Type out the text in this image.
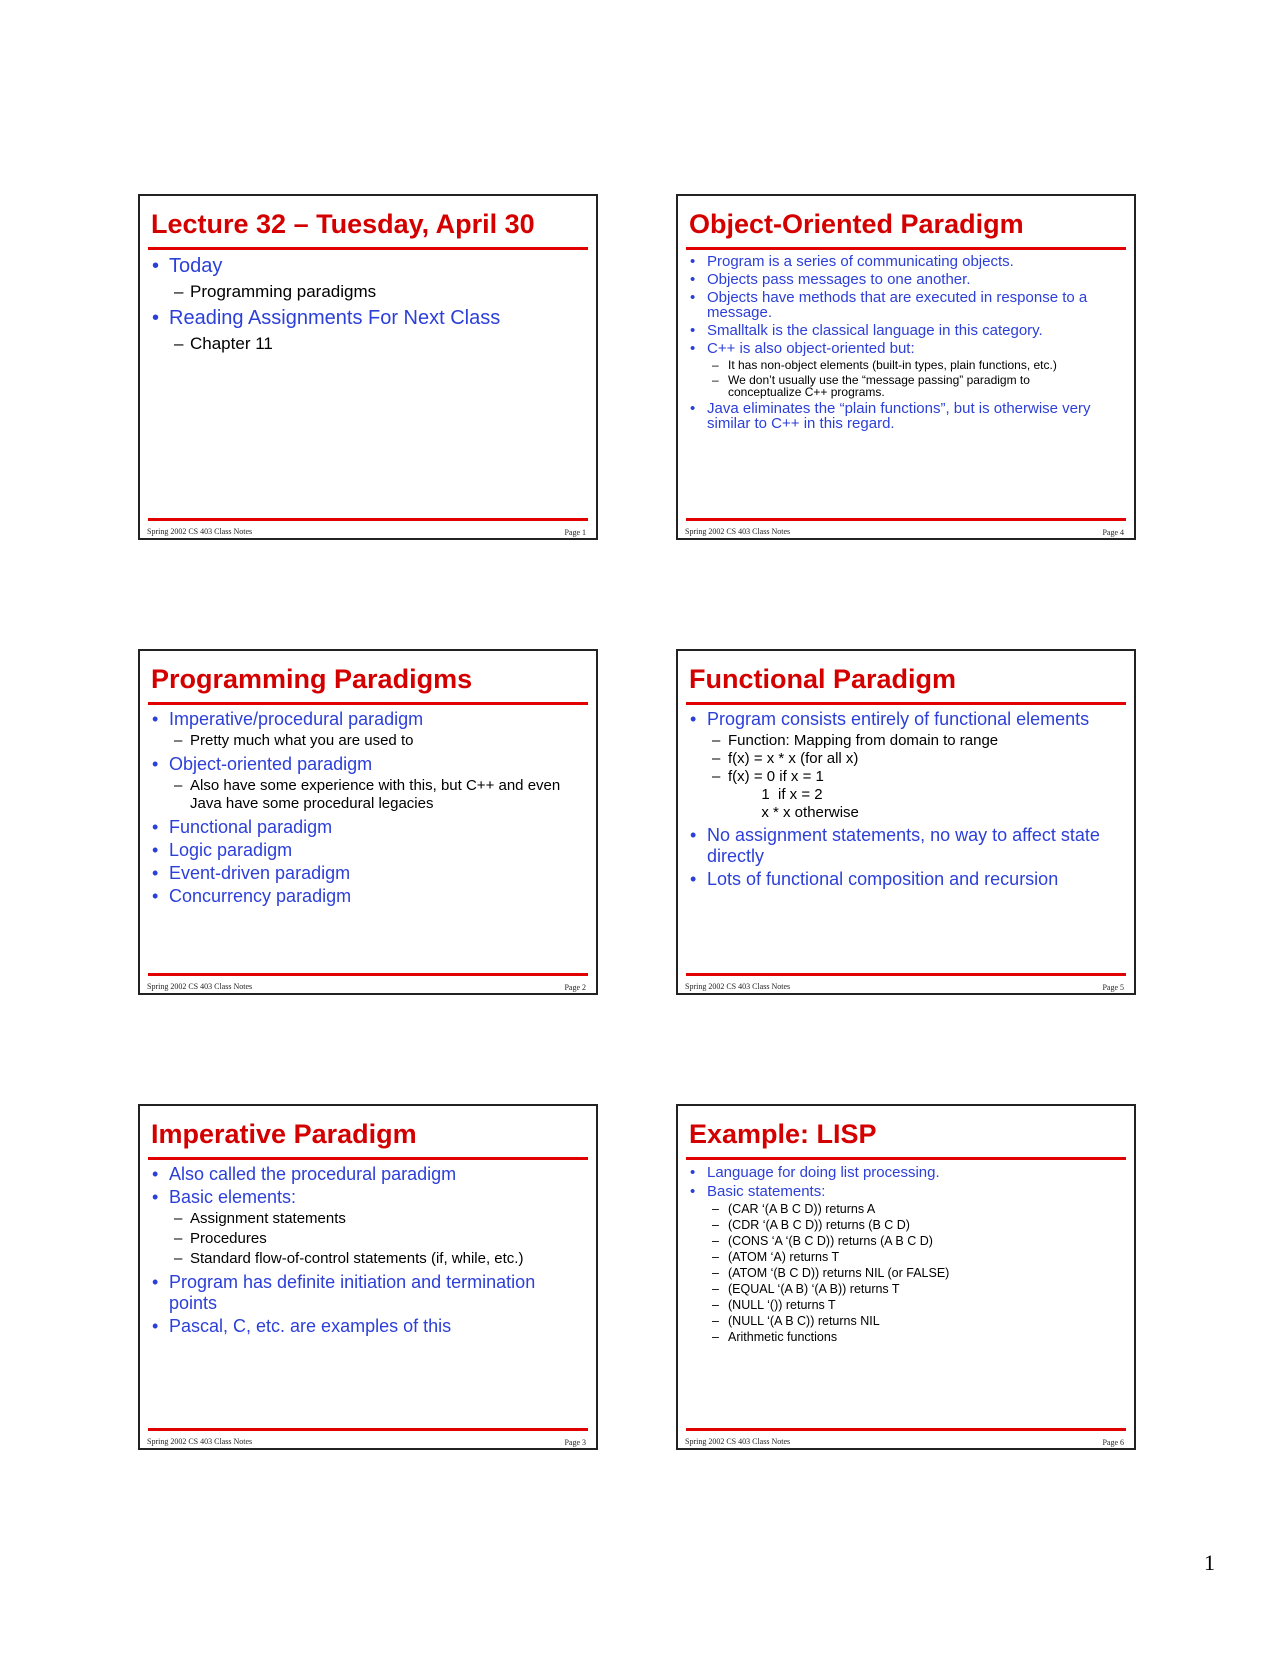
Lecture 32 – Tuesday, April 30
• Today
– Programming paradigms
• Reading Assignments For Next Class
– Chapter 11
Spring 2002 CS 403 Class Notes	Page 1
Object-Oriented Paradigm
• Program is a series of communicating objects.
• Objects pass messages to one another.
• Objects have methods that are executed in response to a message.
• Smalltalk is the classical language in this category.
• C++ is also object-oriented but:
– It has non-object elements (built-in types, plain functions, etc.)
– We don’t usually use the “message passing” paradigm to conceptualize C++ programs.
• Java eliminates the “plain functions”, but is otherwise very similar to C++ in this regard.
Spring 2002 CS 403 Class Notes	Page 4
Programming Paradigms
• Imperative/procedural paradigm
– Pretty much what you are used to
• Object-oriented paradigm
– Also have some experience with this, but C++ and even Java have some procedural legacies
• Functional paradigm
• Logic paradigm
• Event-driven paradigm
• Concurrency paradigm
Spring 2002 CS 403 Class Notes	Page 2
Functional Paradigm
• Program consists entirely of functional elements
– Function: Mapping from domain to range
– f(x) = x * x (for all x)
– f(x) = 0 if x = 1
1  if x = 2
x * x otherwise
• No assignment statements, no way to affect state directly
• Lots of functional composition and recursion
Spring 2002 CS 403 Class Notes	Page 5
Imperative Paradigm
• Also called the procedural paradigm
• Basic elements:
– Assignment statements
– Procedures
– Standard flow-of-control statements (if, while, etc.)
• Program has definite initiation and termination points
• Pascal, C, etc. are examples of this
Spring 2002 CS 403 Class Notes	Page 3
Example: LISP
• Language for doing list processing.
• Basic statements:
– (CAR ‘(A B C D)) returns A
– (CDR ‘(A B C D)) returns (B C D)
– (CONS ‘A ‘(B C D)) returns (A B C D)
– (ATOM ‘A) returns T
– (ATOM ‘(B C D)) returns NIL (or FALSE)
– (EQUAL ‘(A B) ‘(A B)) returns T
– (NULL ‘()) returns T
– (NULL ‘(A B C)) returns NIL
– Arithmetic functions
Spring 2002 CS 403 Class Notes	Page 6
1
